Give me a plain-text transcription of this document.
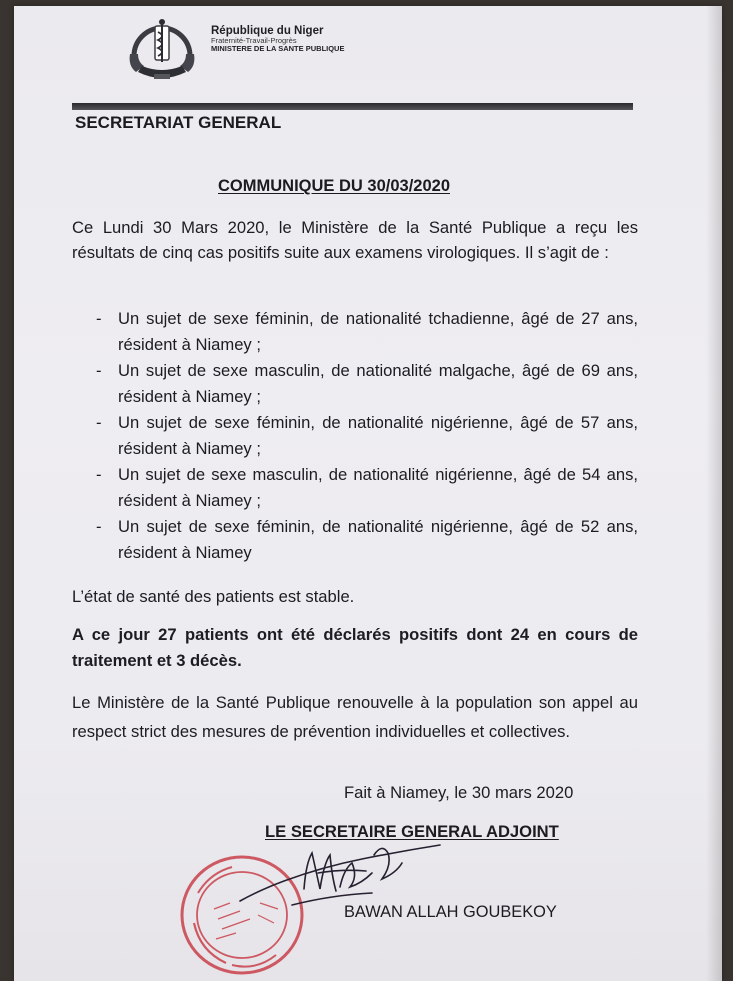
République du Niger
Fraternité-Travail-Progrès
MINISTERE DE LA SANTE PUBLIQUE
SECRETARIAT GENERAL
COMMUNIQUE DU 30/03/2020

Ce Lundi 30 Mars 2020, le Ministère de la Santé Publique a reçu les résultats de cinq cas positifs suite aux examens virologiques. Il s’agit de :

- Un sujet de sexe féminin, de nationalité tchadienne, âgé de 27 ans, résident à Niamey ;
- Un sujet de sexe masculin, de nationalité malgache, âgé de 69 ans, résident à Niamey ;
- Un sujet de sexe féminin, de nationalité nigérienne, âgé de 57 ans, résident à Niamey ;
- Un sujet de sexe masculin, de nationalité nigérienne, âgé de 54 ans, résident à Niamey ;
- Un sujet de sexe féminin, de nationalité nigérienne, âgé de 52 ans, résident à Niamey

L’état de santé des patients est stable.

A ce jour 27 patients ont été déclarés positifs dont 24 en cours de traitement et 3 décès.

Le Ministère de la Santé Publique renouvelle à la population son appel au respect strict des mesures de prévention individuelles et collectives.

Fait à Niamey, le 30 mars 2020
LE SECRETAIRE GENERAL ADJOINT
BAWAN ALLAH GOUBEKOY
